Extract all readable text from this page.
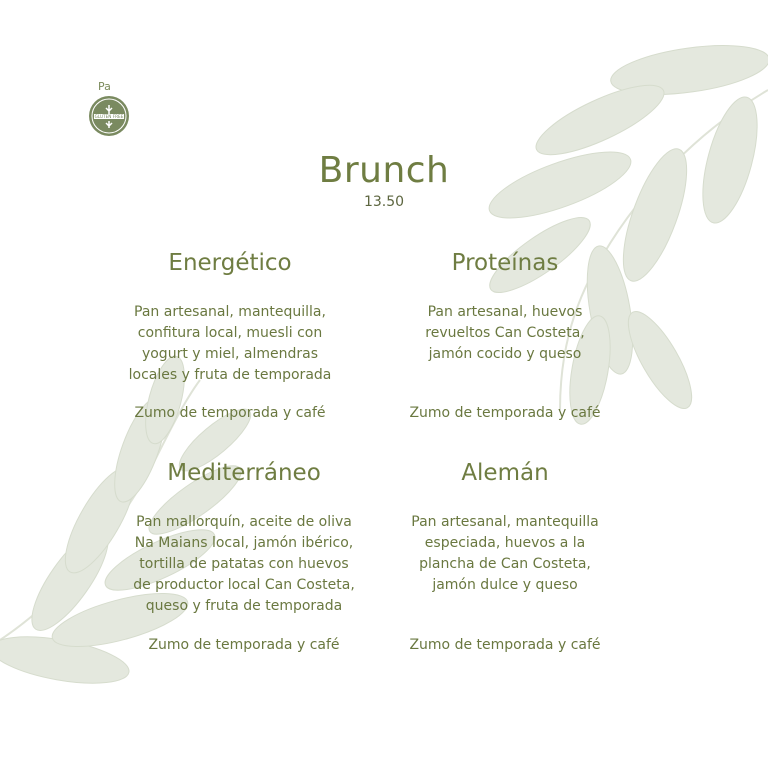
Pa
GLUTEN FREE
Brunch
13.50
Energético
Pan artesanal, mantequilla,
confitura local, muesli con
yogurt y miel, almendras
locales y fruta de temporada
Zumo de temporada y café
Proteínas
Pan artesanal, huevos
revueltos Can Costeta,
jamón cocido y queso
Zumo de temporada y café
Mediterráneo
Pan mallorquín, aceite de oliva
Na Maians local, jamón ibérico,
tortilla de patatas con huevos
de productor local Can Costeta,
queso y fruta de temporada
Zumo de temporada y café
Alemán
Pan artesanal, mantequilla
especiada, huevos a la
plancha de Can Costeta,
jamón dulce y queso
Zumo de temporada y café
